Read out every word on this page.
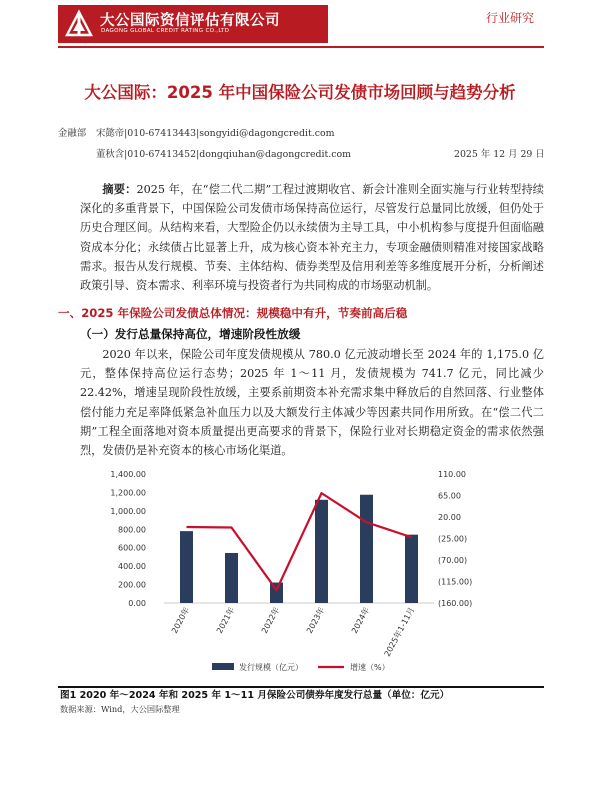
大公国际资信评估有限公司
DAGONG GLOBAL CREDIT RATING CO.,LTD
行业研究
大公国际：2025 年中国保险公司发债市场回顾与趋势分析
金融部 宋懿帝|010-67413443|songyidi@dagongcredit.com
董秋含|010-67413452|dongqiuhan@dagongcredit.com	2025 年 12 月 29 日
摘要：2025 年，在“偿二代二期”工程过渡期收官、新会计准则全面实施与行业转型持续深化的多重背景下，中国保险公司发债市场保持高位运行，尽管发行总量同比放缓，但仍处于历史合理区间。从结构来看，大型险企仍以永续债为主导工具，中小机构参与度提升但面临融资成本分化；永续债占比显著上升，成为核心资本补充主力，专项金融债则精准对接国家战略需求。报告从发行规模、节奏、主体结构、债券类型及信用利差等多维度展开分析，分析阐述政策引导、资本需求、利率环境与投资者行为共同构成的市场驱动机制。
一、2025 年保险公司发债总体情况：规模稳中有升，节奏前高后稳
（一）发行总量保持高位，增速阶段性放缓
2020 年以来，保险公司年度发债规模从 780.0 亿元波动增长至 2024 年的 1,175.0 亿元，整体保持高位运行态势；2025 年 1～11 月，发债规模为 741.7 亿元，同比减少 22.42%，增速呈现阶段性放缓，主要系前期资本补充需求集中释放后的自然回落、行业整体偿付能力充足率降低紧急补血压力以及大额发行主体减少等因素共同作用所致。在“偿二代二期”工程全面落地对资本质量提出更高要求的背景下，保险行业对长期稳定资金的需求依然强烈，发债仍是补充资本的核心市场化渠道。
0.00
200.00
400.00
600.00
800.00
1,000.00
1,200.00
1,400.00	110.00
65.00
20.00
(25.00)
(70.00)
(115.00)
(160.00)
2020年	2021年	2022年	2023年	2024年 2025年1-11月
发行规模（亿元）	增速（%）
图1 2020 年～2024 年和 2025 年 1～11 月保险公司债券年度发行总量（单位：亿元）
数据来源：Wind，大公国际整理
